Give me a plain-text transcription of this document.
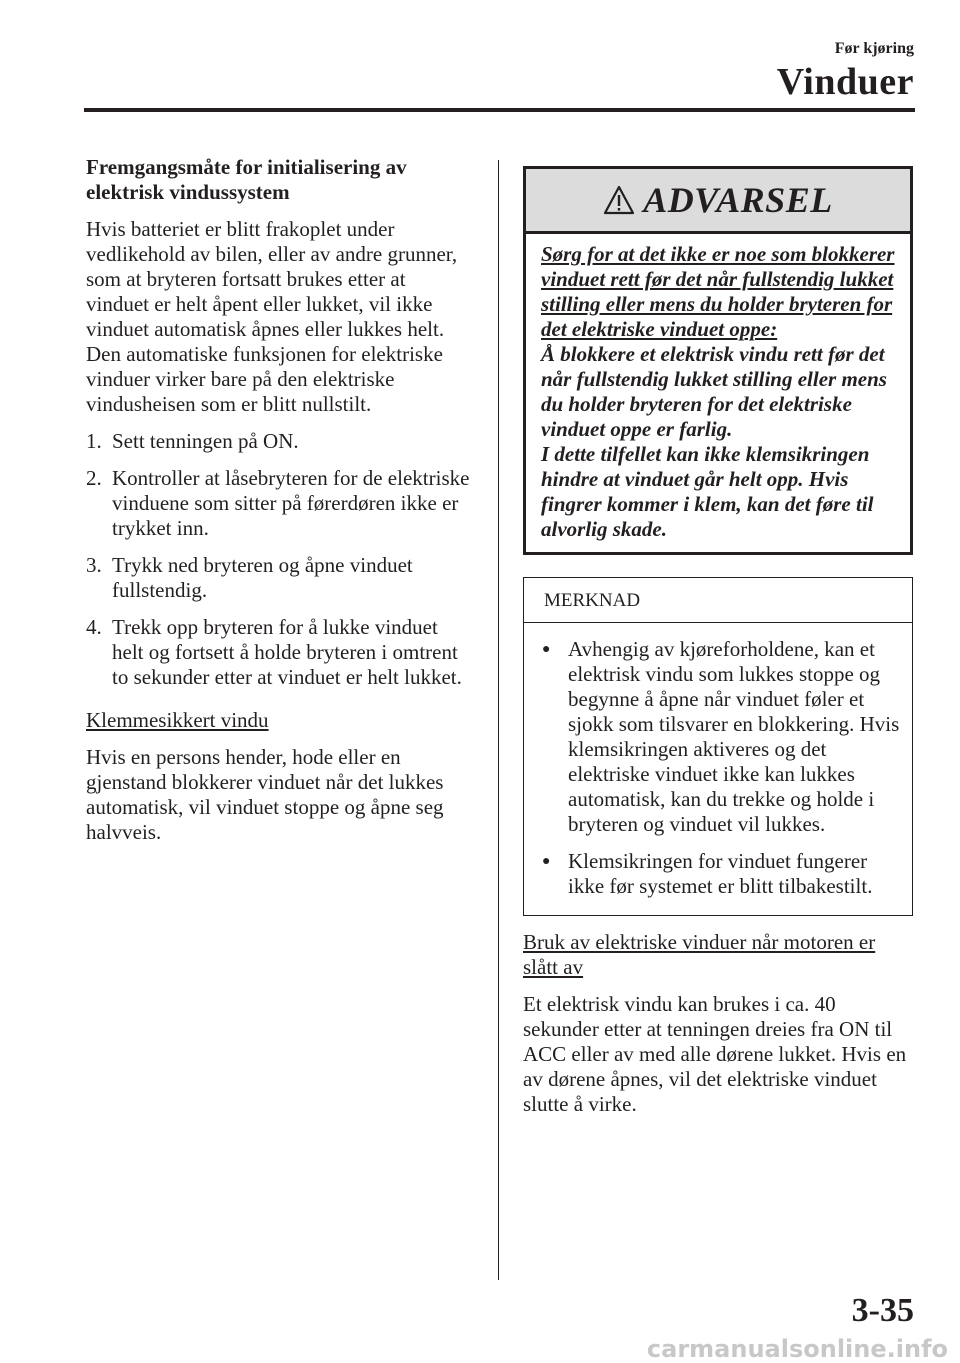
Før kjøring
Vinduer

Fremgangsmåte for initialisering av elektrisk vindussystem

Hvis batteriet er blitt frakoplet under vedlikehold av bilen, eller av andre grunner, som at bryteren fortsatt brukes etter at vinduet er helt åpent eller lukket, vil ikke vinduet automatisk åpnes eller lukkes helt.
Den automatiske funksjonen for elektriske vinduer virker bare på den elektriske vindusheisen som er blitt nullstilt.

1. Sett tenningen på ON.
2. Kontroller at låsebryteren for de elektriske vinduene som sitter på førerdøren ikke er trykket inn.
3. Trykk ned bryteren og åpne vinduet fullstendig.
4. Trekk opp bryteren for å lukke vinduet helt og fortsett å holde bryteren i omtrent to sekunder etter at vinduet er helt lukket.

Klemmesikkert vindu

Hvis en persons hender, hode eller en gjenstand blokkerer vinduet når det lukkes automatisk, vil vinduet stoppe og åpne seg halvveis.

ADVARSEL
Sørg for at det ikke er noe som blokkerer vinduet rett før det når fullstendig lukket stilling eller mens du holder bryteren for det elektriske vinduet oppe:
Å blokkere et elektrisk vindu rett før det når fullstendig lukket stilling eller mens du holder bryteren for det elektriske vinduet oppe er farlig.
I dette tilfellet kan ikke klemsikringen hindre at vinduet går helt opp. Hvis fingrer kommer i klem, kan det føre til alvorlig skade.
MERKNAD
● Avhengig av kjøreforholdene, kan et elektrisk vindu som lukkes stoppe og begynne å åpne når vinduet føler et sjokk som tilsvarer en blokkering. Hvis klemsikringen aktiveres og det elektriske vinduet ikke kan lukkes automatisk, kan du trekke og holde i bryteren og vinduet vil lukkes.
● Klemsikringen for vinduet fungerer ikke før systemet er blitt tilbakestilt.

Bruk av elektriske vinduer når motoren er slått av

Et elektrisk vindu kan brukes i ca. 40 sekunder etter at tenningen dreies fra ON til ACC eller av med alle dørene lukket. Hvis en av dørene åpnes, vil det elektriske vinduet slutte å virke.

3-35
carmanualsonline.info
